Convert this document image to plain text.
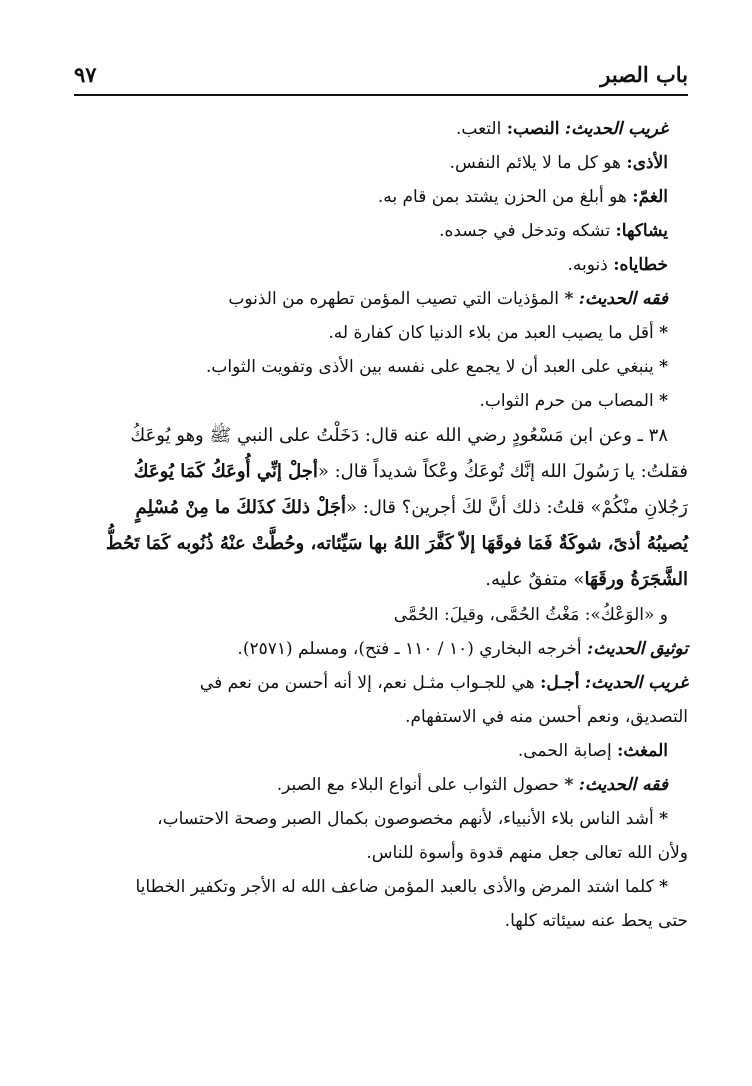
باب الصبر
٩٧

غريب الحديث: النصب: التعب.

الأذى: هو كل ما لا يلائم النفس.

الغمّ: هو أبلغ من الحزن يشتد بمن قام به.

يشاكها: تشكه وتدخل في جسده.

خطاياه: ذنوبه.

فقه الحديث: * المؤذيات التي تصيب المؤمن تطهره من الذنوب

* أقل ما يصيب العبد من بلاء الدنيا كان كفارة له.

* ينبغي على العبد أن لا يجمع على نفسه بين الأذى وتفويت الثواب.

* المصاب من حرم الثواب.

٣٨ ـ وعن ابن مَسْعُودٍ رضي الله عنه قال: دَخَلْتُ على النبي ﷺ وهو يُوعَكُ

فقلتُ: يا رَسُولَ الله إنَّك تُوعَكُ وعْكاً شديداً قال: «أجلْ إنِّي أُوعَكُ كَمَا يُوعَكُ

رَجُلانِ منْكُمْ» قلتُ: ذلك أنَّ لكَ أجرين؟ قال: «أجَلْ ذلكَ كذَلكَ ما مِنْ مُسْلِمٍ

يُصيبُهُ أذىً، شوكَةٌ فَمَا فوقَهَا إلاّ كَفَّرَ اللهُ بها سَيِّئاته، وحُطَّتْ عنْهُ ذُنُوبه كَمَا تَحُطُّ

الشَّجَرَةُ ورقَهَا» متفقٌ عليه.

و «الوَعْكُ»: مَغْثُ الحُمَّى، وقيلَ: الحُمَّى

توثيق الحديث: أخرجه البخاري (١٠ / ١١٠ ـ فتح)، ومسلم (٢٥٧١).

غريب الحديث: أجـل: هي للجـواب مثـل نعم، إلا أنه أحسن من نعم في

التصديق، ونعم أحسن منه في الاستفهام.

المغث: إصابة الحمى.

فقه الحديث: * حصول الثواب على أنواع البلاء مع الصبر.

* أشد الناس بلاء الأنبياء، لأنهم مخصوصون بكمال الصبر وصحة الاحتساب،

ولأن الله تعالى جعل منهم قدوة وأسوة للناس.

* كلما اشتد المرض والأذى بالعبد المؤمن ضاعف الله له الأجر وتكفير الخطايا

حتى يحط عنه سيئاته كلها.
